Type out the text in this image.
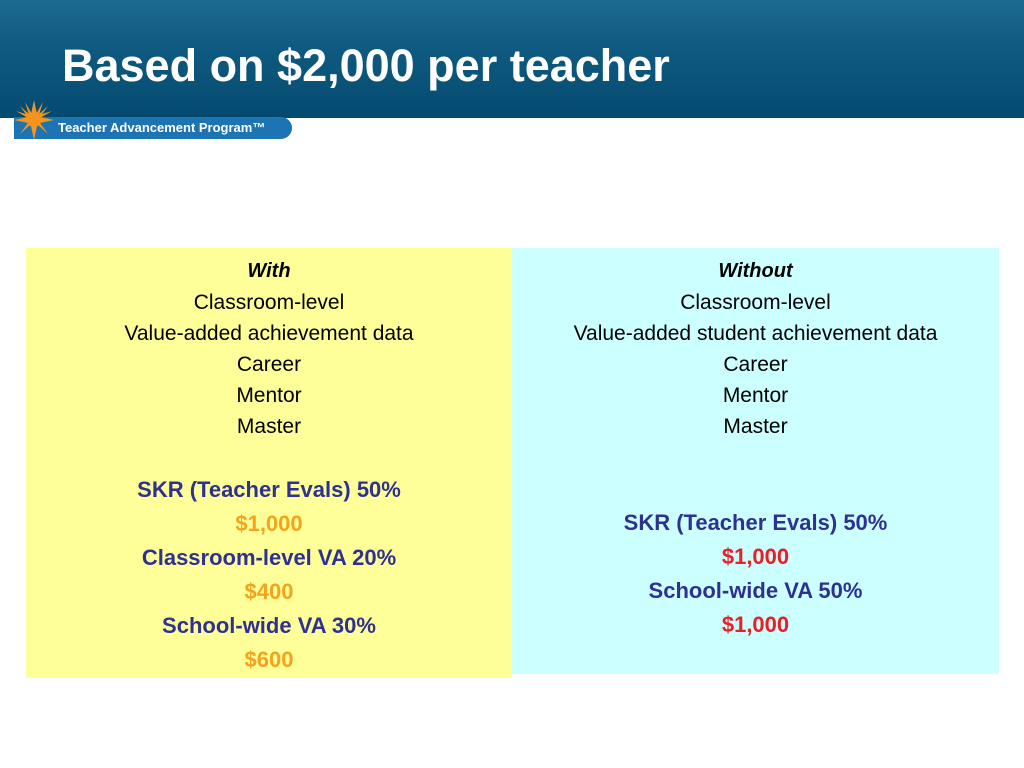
Based on $2,000 per teacher
Teacher Advancement Program™
With
Classroom-level
Value-added achievement data
Career
Mentor
Master
SKR (Teacher Evals) 50%
$1,000
Classroom-level VA 20%
$400
School-wide VA 30%
$600
Without
Classroom-level
Value-added student achievement data
Career
Mentor
Master
SKR (Teacher Evals) 50%
$1,000
School-wide VA 50%
$1,000
